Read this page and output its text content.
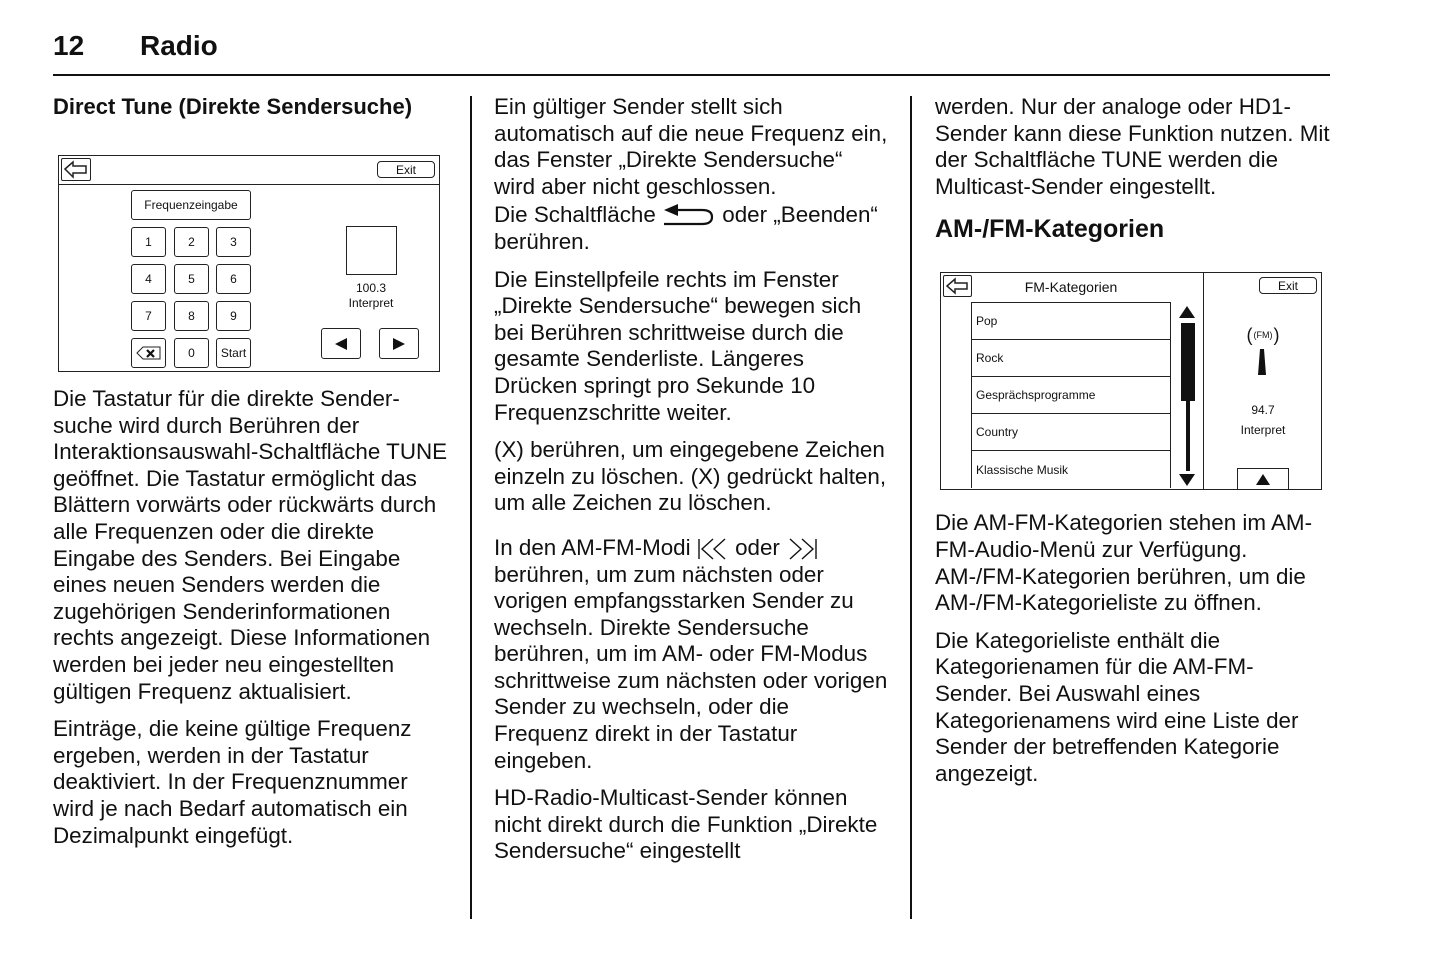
12 Radio
Direct Tune (Direkte Sendersuche)
Exit
Frequenzeingabe
1	2	3
4	5	6
7	8	9
0	Start
100.3
Interpret

Die Tastatur für die direkte Sendersuche wird durch Berühren der Interaktionsauswahl-Schaltfläche TUNE geöffnet. Die Tastatur ermöglicht das Blättern vorwärts oder rückwärts durch alle Frequenzen oder die direkte Eingabe des Senders. Bei Eingabe eines neuen Senders werden die zugehörigen Senderinformationen rechts angezeigt. Diese Informationen werden bei jeder neu eingestellten gültigen Frequenz aktualisiert.

Einträge, die keine gültige Frequenz ergeben, werden in der Tastatur deaktiviert. In der Frequenznummer wird je nach Bedarf automatisch ein Dezimalpunkt eingefügt.

Ein gültiger Sender stellt sich automatisch auf die neue Frequenz ein, das Fenster „Direkte Sendersuche“ wird aber nicht geschlossen.

Die Schaltfläche	oder „Beenden“ berühren.

Die Einstellpfeile rechts im Fenster „Direkte Sendersuche“ bewegen sich bei Berühren schrittweise durch die gesamte Senderliste. Längeres Drücken springt pro Sekunde 10 Frequenzschritte weiter.

(X) berühren, um eingegebene Zeichen einzeln zu löschen. (X) gedrückt halten, um alle Zeichen zu löschen.

In den AM-FM-Modi oder  berühren, um zum nächsten oder vorigen empfangsstarken Sender zu wechseln. Direkte Sendersuche berühren, um im AM- oder FM-Modus schrittweise zum nächsten oder vorigen Sender zu wechseln, oder die Frequenz direkt in der Tastatur eingeben.

HD-Radio-Multicast-Sender können nicht direkt durch die Funktion „Direkte Sendersuche“ eingestellt

werden. Nur der analoge oder HD1-Sender kann diese Funktion nutzen. Mit der Schaltfläche TUNE werden die Multicast-Sender eingestellt.

AM-/FM-Kategorien
FM-Kategorien
Pop
Rock
Gesprächsprogramme
Country
Klassische Musik
Exit
( (FM) )
94.7
Interpret

Die AM-FM-Kategorien stehen im AM-FM-Audio-Menü zur Verfügung. AM-/FM-Kategorien berühren, um die AM-/FM-Kategorieliste zu öffnen.

Die Kategorieliste enthält die Kategorienamen für die AM-FM-Sender. Bei Auswahl eines Kategorienamens wird eine Liste der Sender der betreffenden Kategorie angezeigt.
